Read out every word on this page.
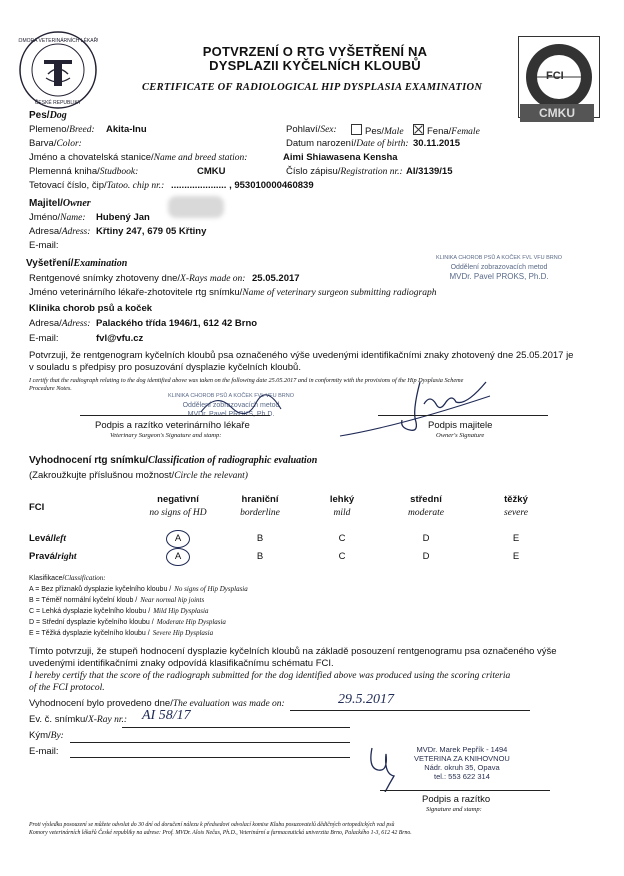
KOMORA VETERINÁRNÍCH LÉKAŘŮ
ČESKÉ REPUBLIKY
POTVRZENÍ O RTG VYŠETŘENÍ NA
DYSPLAZII KYČELNÍCH KLOUBŮ
CERTIFICATE OF RADIOLOGICAL HIP DYSPLASIA EXAMINATION
FCI
CMKU
Pes/Dog
Plemeno/Breed: Akita-Inu	Pohlaví/Sex:	Pes/Male	Fena/Female
Barva/Color:	Datum narození/Date of birth: 30.11.2015
Jméno a chovatelská stanice/Name and breed station:	Aimi Shiawasena Kensha
Plemenná kniha/Studbook:	CMKU	Číslo zápisu/Registration nr.: AI/3139/15
Tetovací číslo, čip/Tatoo. chip nr.: ..................... , 953010000460839
Majitel/Owner
Jméno/Name: Hubený Jan
Adresa/Adress: Křtiny 247, 679 05 Křtiny
E-mail:
KLINIKA CHOROB PSŮ A KOČEK FVL VFU BRNO
Oddělení zobrazovacích metod
MVDr. Pavel PROKS, Ph.D.
Vyšetření/Examination
Rentgenové snímky zhotoveny dne/X-Rays made on: 25.05.2017
Jméno veterinárního lékaře-zhotovitele rtg snímku/Name of veterinary surgeon submitting radiograph
Klinika chorob psů a koček
Adresa/Adress: Palackého třída 1946/1, 612 42 Brno
E-mail:	fvl@vfu.cz
Potvrzuji, že rentgenogram kyčelních kloubů psa označeného výše uvedenými identifikačními znaky zhotovený dne 25.05.2017 je
v souladu s předpisy pro posuzování dysplazie kyčelních kloubů.
I certify that the radiograph relating to the dog identified above was taken on the following date 25.05.2017 and in conformity with the provisions of the Hip Dysplasia Scheme
Procedure Notes.
KLINIKA CHOROB PSŮ A KOČEK FVL VFU BRNO
Oddělení zobrazovacích metod
MVDr. Pavel PROKS, Ph.D.
Podpis a razítko veterinárního lékaře
Veterinary Surgeon's Signature and stamp:
Podpis majitele
Owner's Signature
Vyhodnocení rtg snímku/Classification of radiographic evaluation
(Zakroužkujte příslušnou možnost/Circle the relevant)
FCI
negativní
no signs of HD
hraniční
borderline
lehký
mild
střední
moderate
těžký
severe
Levá/left	A	B	C	D	E
Pravá/right	A	B	C	D	E
Klasifikace/Classification:
A = Bez příznaků dysplazie kyčelního kloubu / No signs of Hip Dysplasia
B = Téměř normální kyčelní kloub / Near normal hip joints
C = Lehká dysplazie kyčelního kloubu / Mild Hip Dysplasia
D = Střední dysplazie kyčelního kloubu / Moderate Hip Dysplasia
E = Těžká dysplazie kyčelního kloubu / Severe Hip Dysplasia
Tímto potvrzuji, že stupeň hodnocení dysplazie kyčelních kloubů na základě posouzení rentgenogramu psa označeného výše
uvedenými identifikačními znaky odpovídá klasifikačnímu schématu FCI.
I hereby certify that the score of the radiograph submitted for the dog identified above was produced using the scoring criteria
of the FCI protocol.
Vyhodnocení bylo provedeno dne/The evaluation was made on:	29.5.2017
Ev. č. snímku/X-Ray nr.: AI 58/17
Kým/By:
E-mail:	MVDr. Marek Pepřík - 1494
VETERINA ZA KNIHOVNOU
Nádr. okruh 35, Opava
tel.: 553 622 314
Podpis a razítko
Signature and stamp:
Proti výsledku posouzení se můžete odvolat do 30 dní od doručení nálezu k předsedovi odvolací komise Klubu posuzovatelů dědičných ortopedických vad psů
Komory veterinárních lékařů České republiky na adrese: Prof. MVDr. Alois Nečas, Ph.D., Veterinární a farmaceutická univerzita Brno, Palackého 1-3, 612 42 Brno.
